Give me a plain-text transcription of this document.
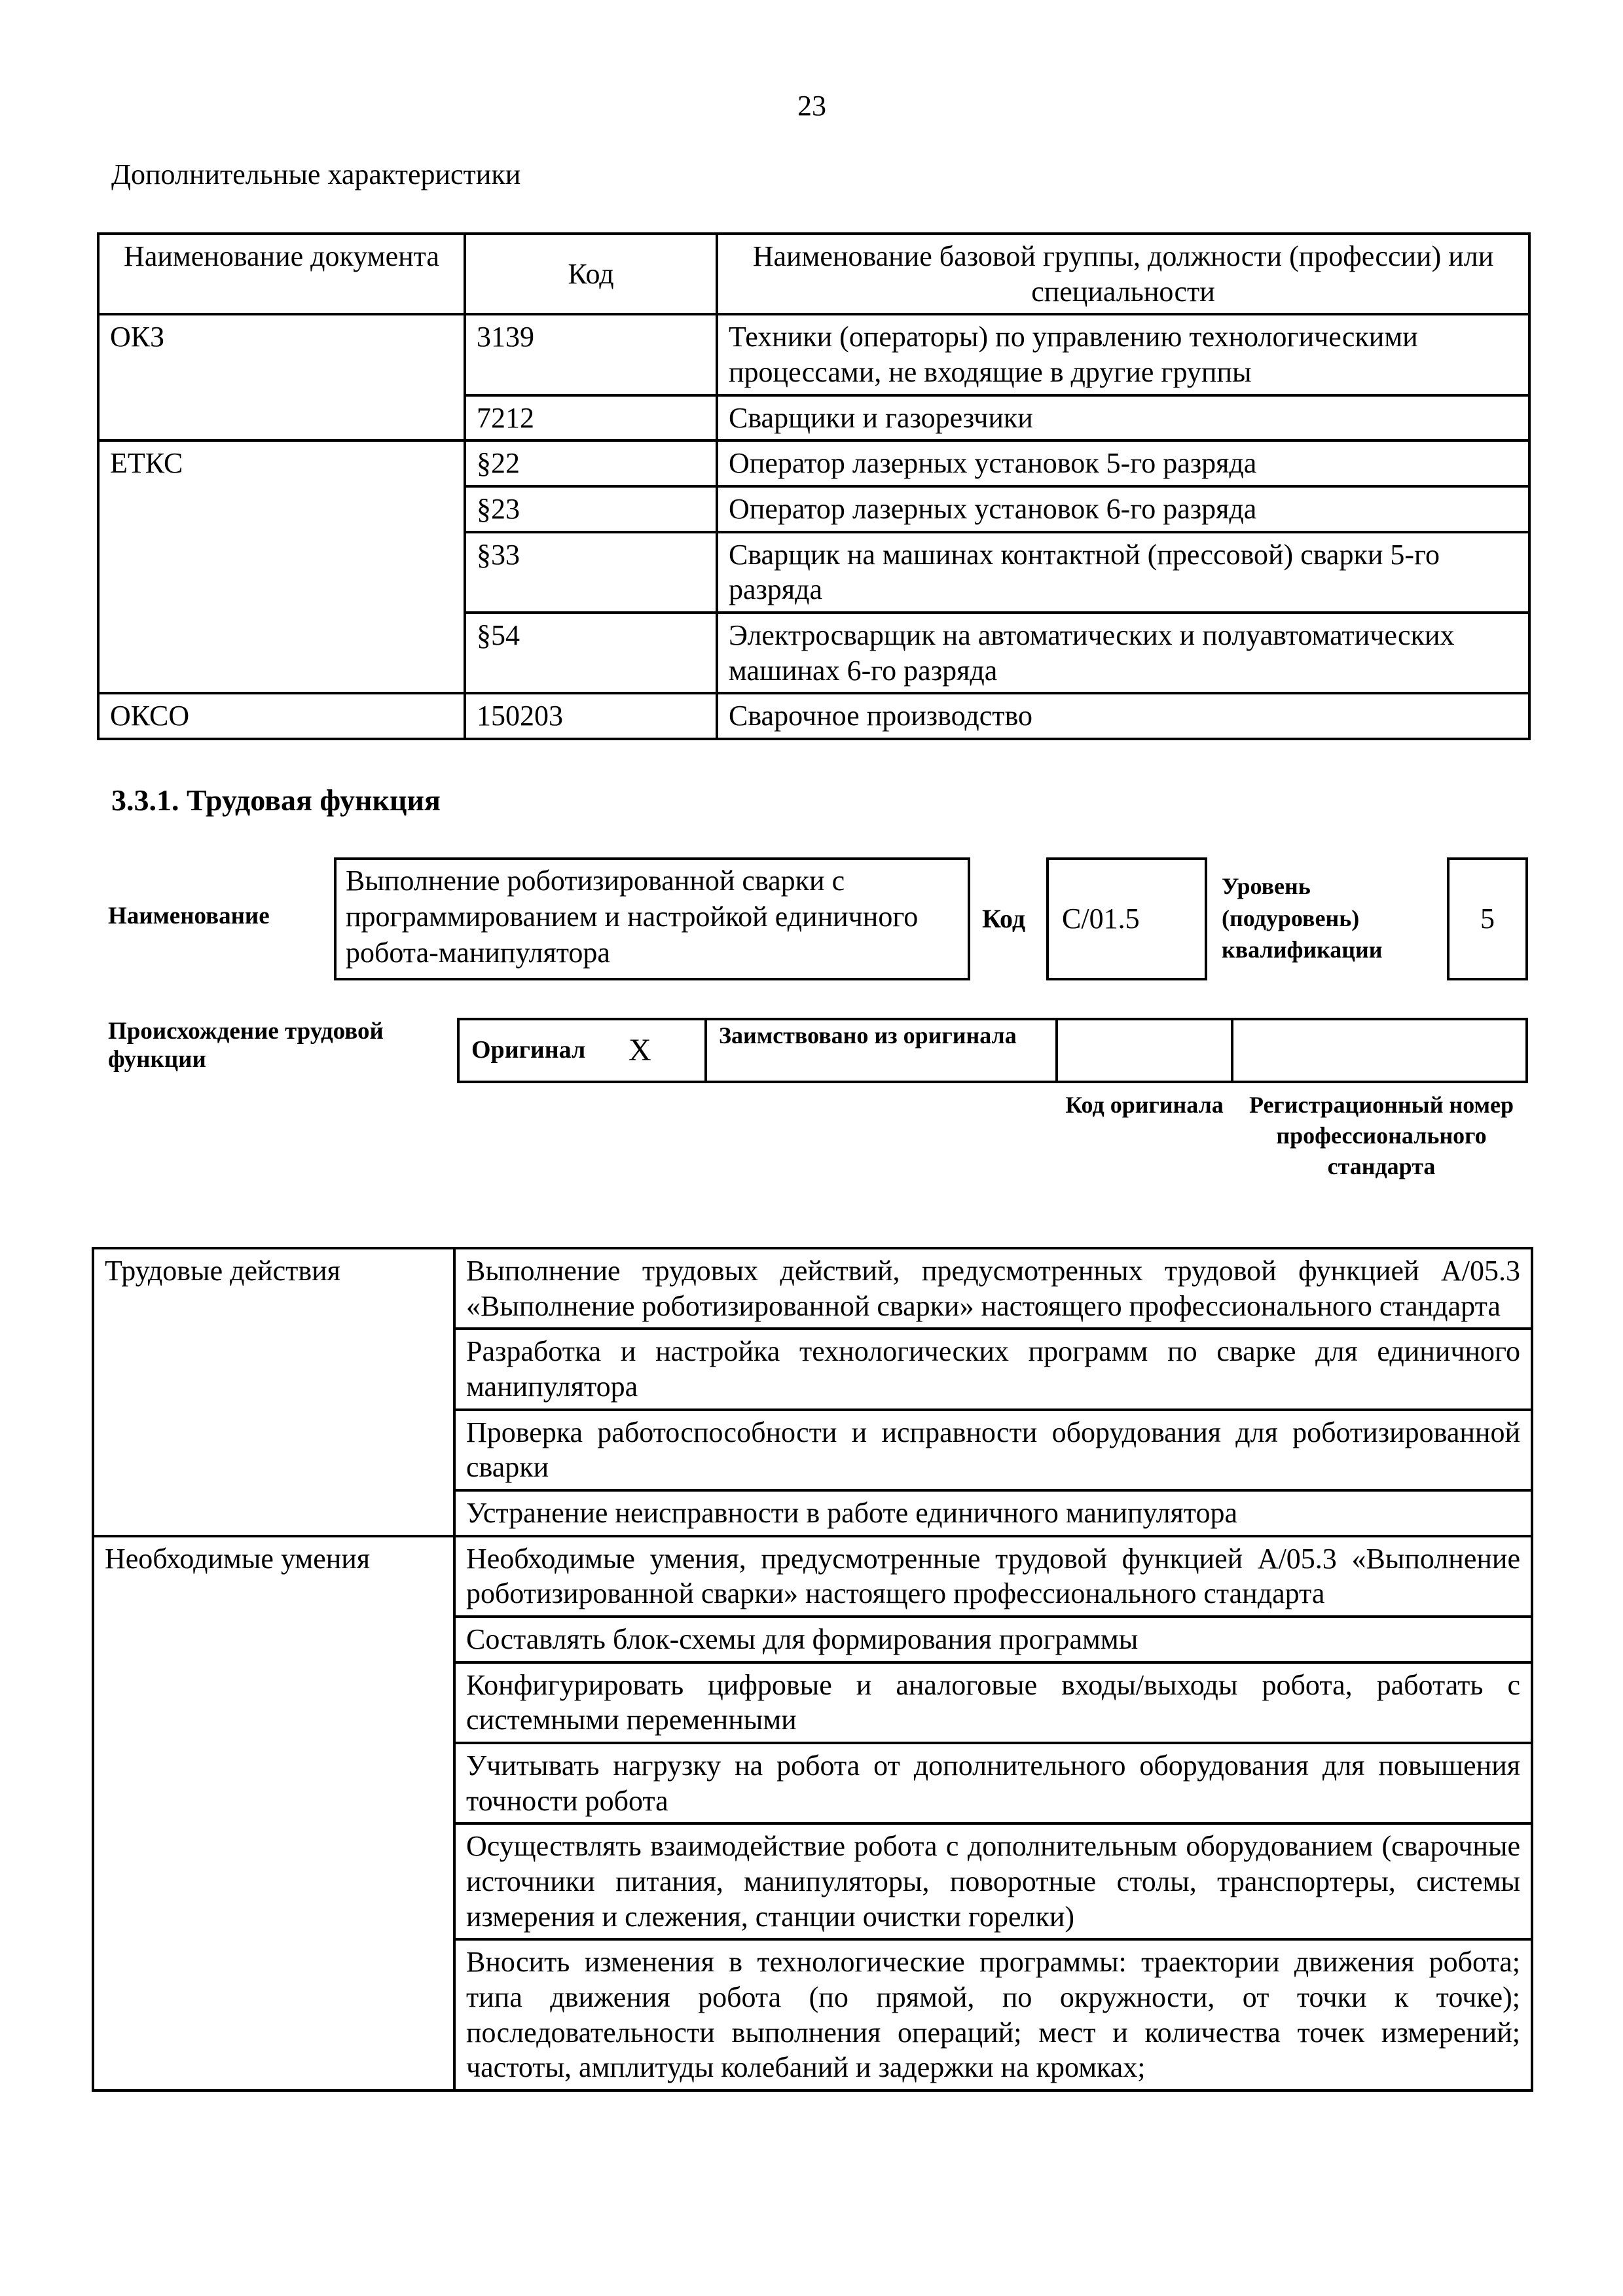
23
Дополнительные характеристики
Наименование документа	Код	Наименование базовой группы, должности (профессии) или специальности
ОКЗ	3139	Техники (операторы) по управлению технологическими процессами, не входящие в другие группы
	7212	Сварщики и газорезчики
ЕТКС	§22	Оператор лазерных установок 5-го разряда
	§23	Оператор лазерных установок 6-го разряда
	§33	Сварщик на машинах контактной (прессовой) сварки 5-го разряда
	§54	Электросварщик на автоматических и полуавтоматических машинах 6-го разряда
ОКСО	150203	Сварочное производство
3.3.1. Трудовая функция
Наименование
Выполнение роботизированной сварки с программированием и настройкой единичного робота-манипулятора
Код C/01.5
Уровень (подуровень) квалификации
5
Происхождение трудовой функции	Оригинал X	Заимствовано из оригинала
Код оригинала	Регистрационный номер профессионального стандарта
Трудовые действия	Выполнение трудовых действий, предусмотренных трудовой функцией A/05.3 «Выполнение роботизированной сварки» настоящего профессионального стандарта
	Разработка и настройка технологических программ по сварке для единичного манипулятора
	Проверка работоспособности и исправности оборудования для роботизированной сварки
	Устранение неисправности в работе единичного манипулятора
Необходимые умения	Необходимые умения, предусмотренные трудовой функцией A/05.3 «Выполнение роботизированной сварки» настоящего профессионального стандарта
	Составлять блок-схемы для формирования программы
	Конфигурировать цифровые и аналоговые входы/выходы робота, работать с системными переменными
	Учитывать нагрузку на робота от дополнительного оборудования для повышения точности робота
	Осуществлять взаимодействие робота с дополнительным оборудованием (сварочные источники питания, манипуляторы, поворотные столы, транспортеры, системы измерения и слежения, станции очистки горелки)
	Вносить изменения в технологические программы: траектории движения робота; типа движения робота (по прямой, по окружности, от точки к точке); последовательности выполнения операций; мест и количества точек измерений; частоты, амплитуды колебаний и задержки на кромках;
